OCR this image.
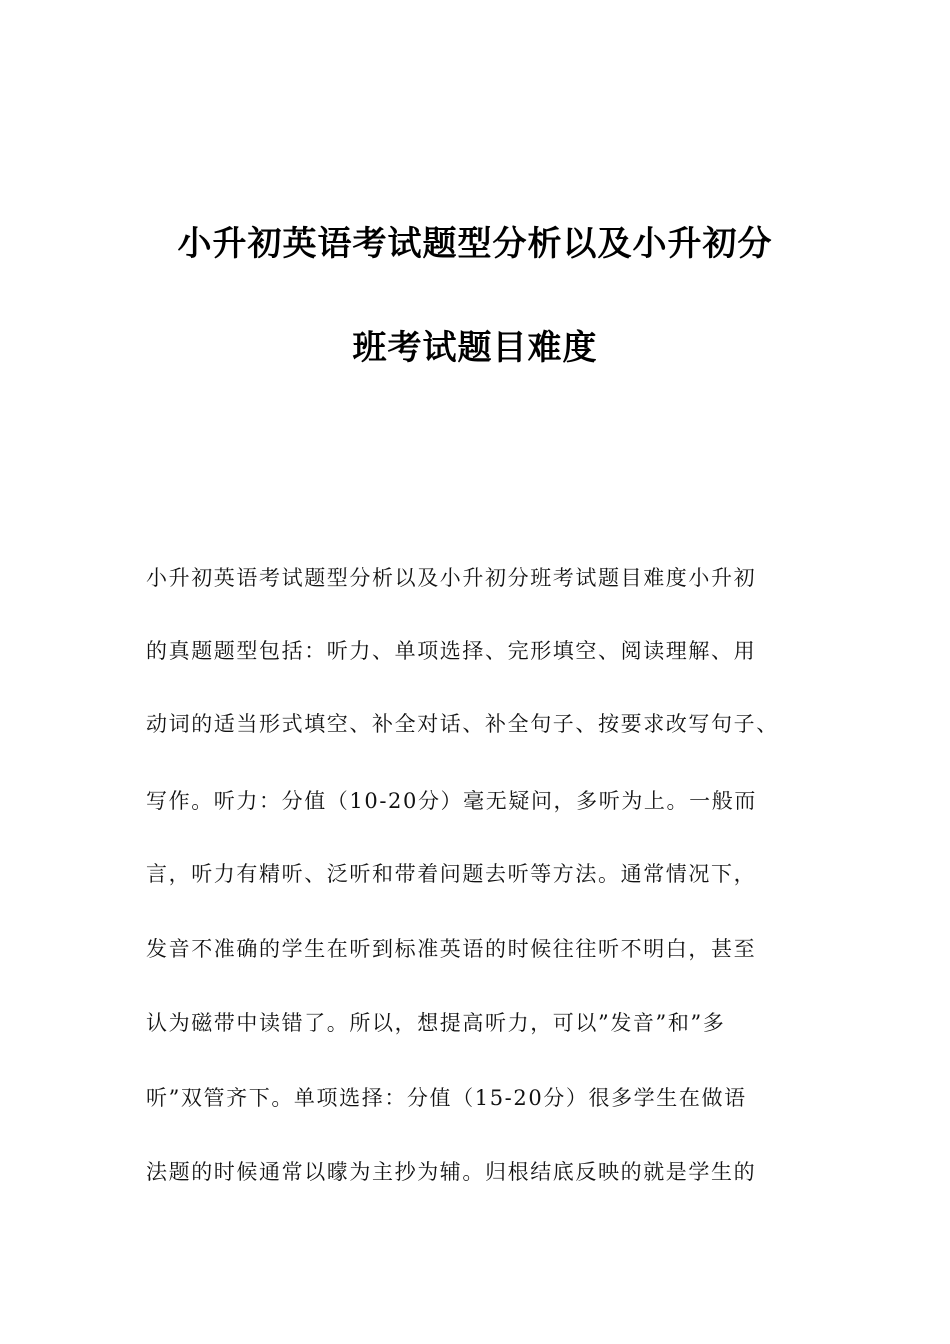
小升初英语考试题型分析以及小升初分
班考试题目难度
小升初英语考试题型分析以及小升初分班考试题目难度小升初
的真题题型包括：听力、单项选择、完形填空、阅读理解、用
动词的适当形式填空、补全对话、补全句子、按要求改写句子、
写作。听力：分值（10-20分）毫无疑问，多听为上。一般而
言，听力有精听、泛听和带着问题去听等方法。通常情况下，
发音不准确的学生在听到标准英语的时候往往听不明白，甚至
认为磁带中读错了。所以，想提高听力，可以”发音”和”多
听”双管齐下。单项选择：分值（15-20分）很多学生在做语
法题的时候通常以曚为主抄为辅。归根结底反映的就是学生的
